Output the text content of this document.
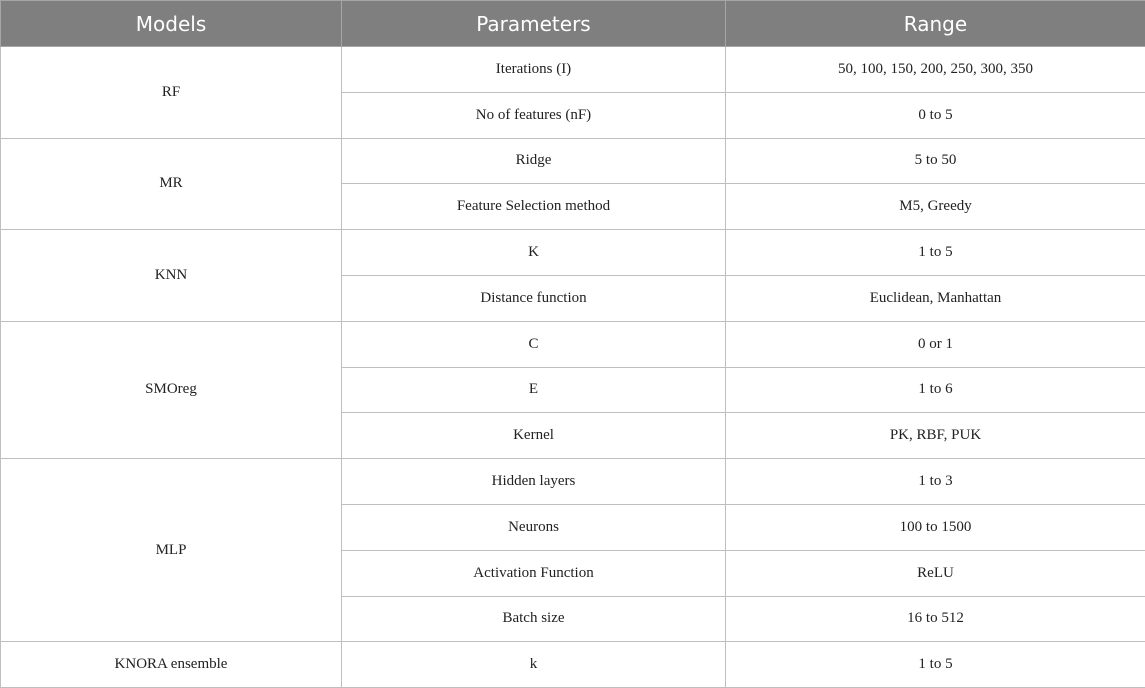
Models	Parameters	Range
RF	Iterations (I)	50, 100, 150, 200, 250, 300, 350
	No of features (nF)	0 to 5
MR	Ridge	5 to 50
	Feature Selection method	M5, Greedy
KNN	K	1 to 5
	Distance function	Euclidean, Manhattan
SMOreg	C	0 or 1
	E	1 to 6
	Kernel	PK, RBF, PUK
MLP	Hidden layers	1 to 3
	Neurons	100 to 1500
	Activation Function	ReLU
	Batch size	16 to 512
KNORA ensemble	k	1 to 5
